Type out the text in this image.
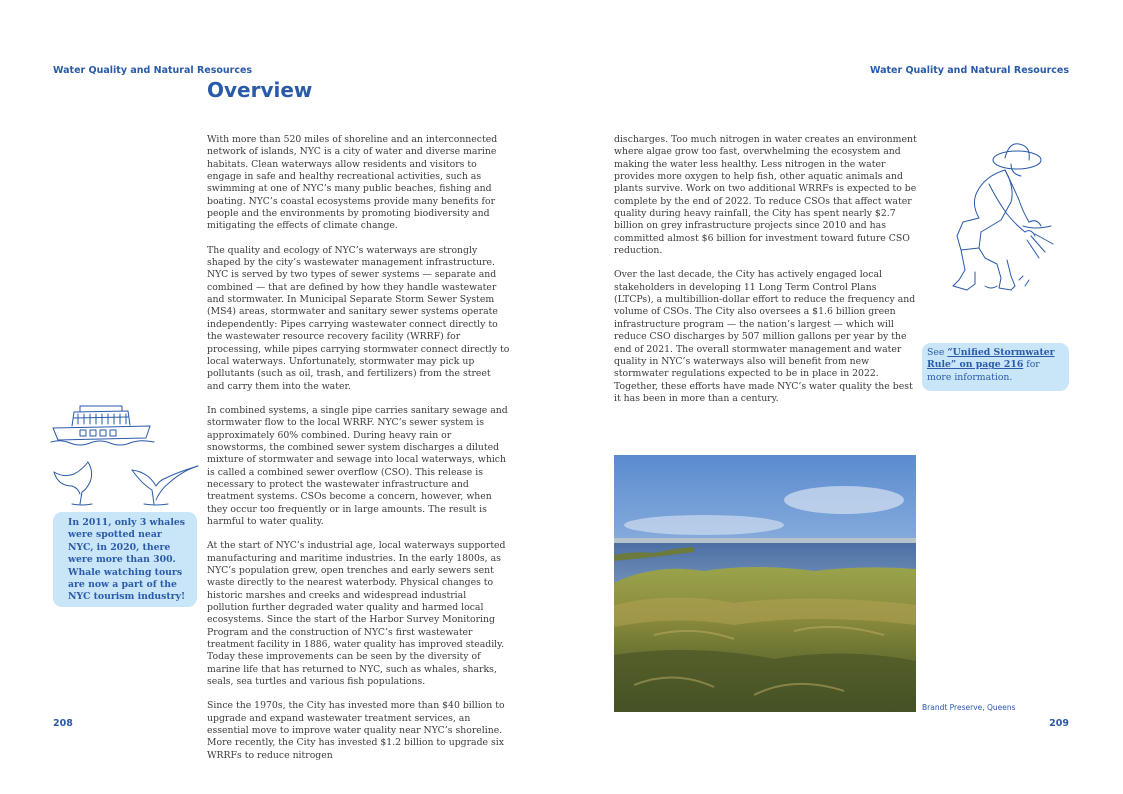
Water Quality and Natural Resources	Water Quality and Natural Resources
Overview

With more than 520 miles of shoreline and an interconnected network of islands, NYC is a city of water and diverse marine habitats. Clean waterways allow residents and visitors to engage in safe and healthy recreational activities, such as swimming at one of NYC’s many public beaches, fishing and boating. NYC’s coastal ecosystems provide many benefits for people and the environments by promoting biodiversity and mitigating the effects of climate change.

The quality and ecology of NYC’s waterways are strongly shaped by the city’s wastewater management infrastructure. NYC is served by two types of sewer systems — separate and combined — that are defined by how they handle wastewater and stormwater. In Municipal Separate Storm Sewer System (MS4) areas, stormwater and sanitary sewer systems operate independently: Pipes carrying wastewater connect directly to the wastewater resource recovery facility (WRRF) for processing, while pipes carrying stormwater connect directly to local waterways. Unfortunately, stormwater may pick up pollutants (such as oil, trash, and fertilizers) from the street and carry them into the water.

In combined systems, a single pipe carries sanitary sewage and stormwater flow to the local WRRF. NYC’s sewer system is approximately 60% combined. During heavy rain or snowstorms, the combined sewer system discharges a diluted mixture of stormwater and sewage into local waterways, which is called a combined sewer overflow (CSO). This release is necessary to protect the wastewater infrastructure and treatment systems. CSOs become a concern, however, when they occur too frequently or in large amounts. The result is harmful to water quality.

At the start of NYC’s industrial age, local waterways supported manufacturing and maritime industries. In the early 1800s, as NYC’s population grew, open trenches and early sewers sent waste directly to the nearest waterbody. Physical changes to historic marshes and creeks and widespread industrial pollution further degraded water quality and harmed local ecosystems. Since the start of the Harbor Survey Monitoring Program and the construction of NYC’s first wastewater treatment facility in 1886, water quality has improved steadily. Today these improvements can be seen by the diversity of marine life that has returned to NYC, such as whales, sharks, seals, sea turtles and various fish populations.

Since the 1970s, the City has invested more than $40 billion to upgrade and expand wastewater treatment services, an essential move to improve water quality near NYC’s shoreline. More recently, the City has invested $1.2 billion to upgrade six WRRFs to reduce nitrogen

discharges. Too much nitrogen in water creates an environment where algae grow too fast, overwhelming the ecosystem and making the water less healthy. Less nitrogen in the water provides more oxygen to help fish, other aquatic animals and plants survive. Work on two additional WRRFs is expected to be complete by the end of 2022. To reduce CSOs that affect water quality during heavy rainfall, the City has spent nearly $2.7 billion on grey infrastructure projects since 2010 and has committed almost $6 billion for investment toward future CSO reduction.

Over the last decade, the City has actively engaged local stakeholders in developing 11 Long Term Control Plans (LTCPs), a multibillion-dollar effort to reduce the frequency and volume of CSOs. The City also oversees a $1.6 billion green infrastructure program — the nation’s largest — which will reduce CSO discharges by 507 million gallons per year by the end of 2021. The overall stormwater management and water quality in NYC’s waterways also will benefit from new stormwater regulations expected to be in place in 2022. Together, these efforts have made NYC’s water quality the best it has been in more than a century.

In 2011, only 3 whales were spotted near NYC, in 2020, there were more than 300. Whale watching tours are now a part of the NYC tourism industry!
See “Unified Stormwater Rule” on page 216 for more information.
Brandt Preserve, Queens
208	209
